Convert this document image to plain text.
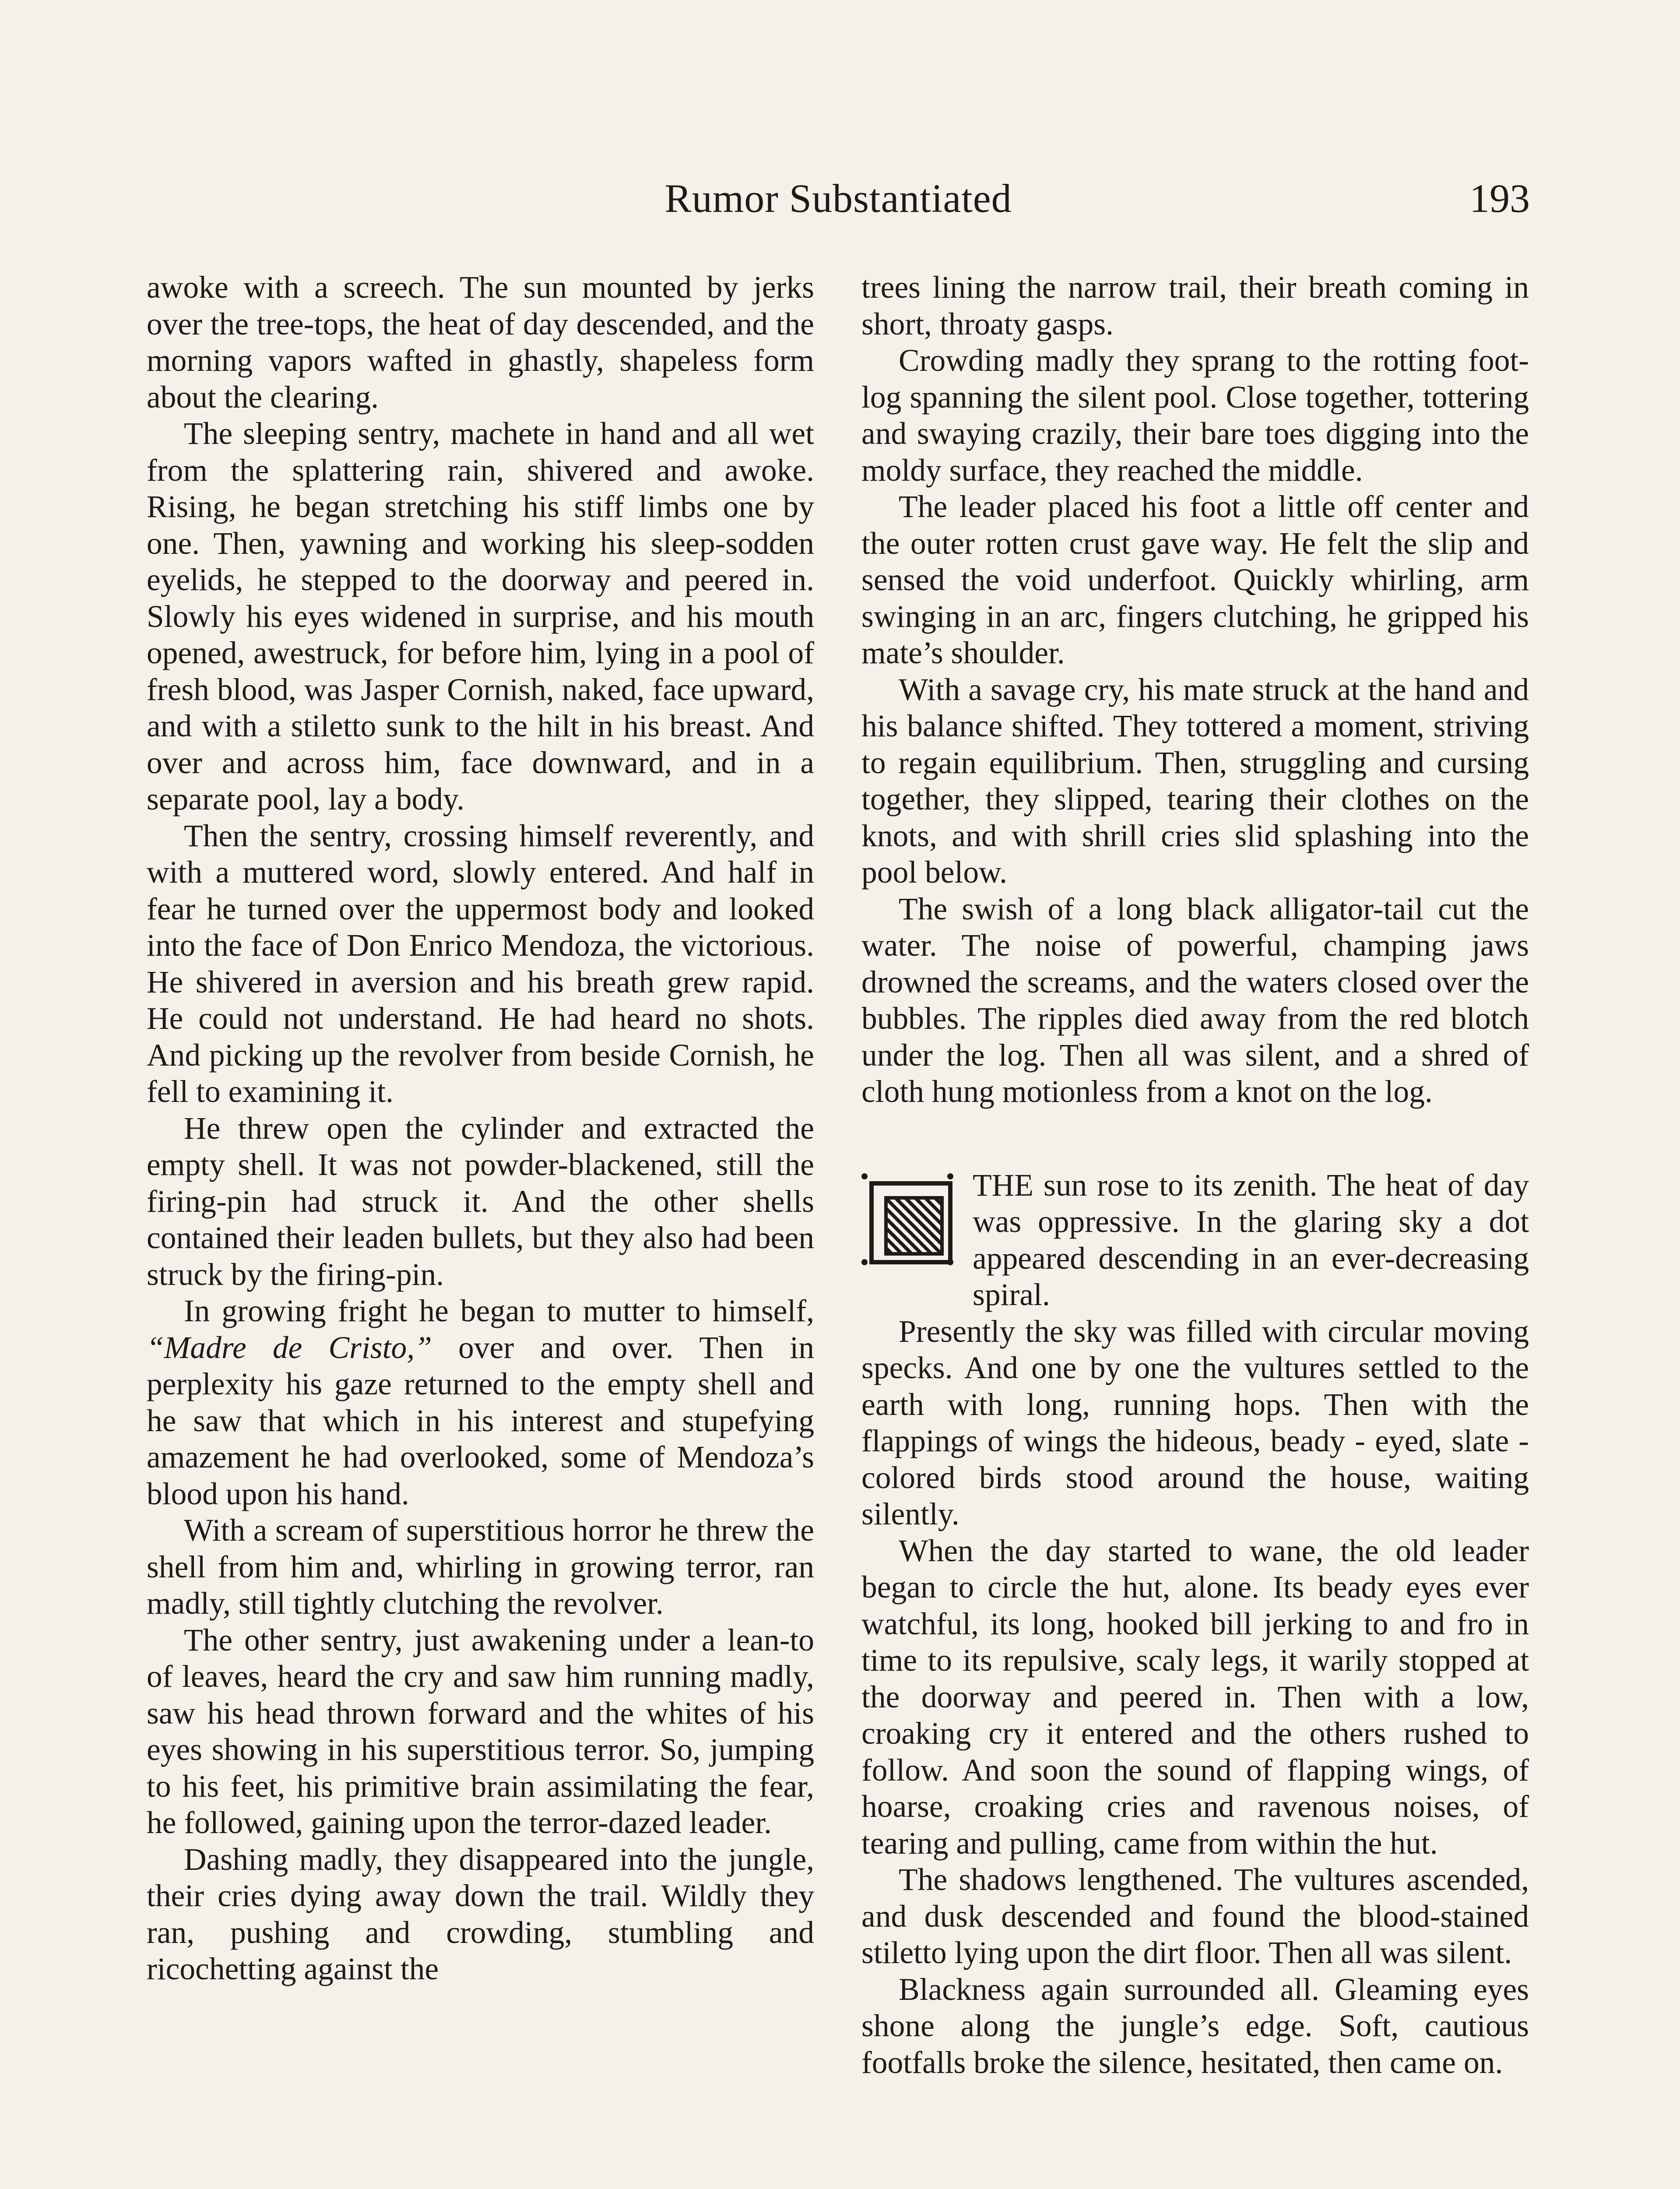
Rumor Substantiated	193

awoke with a screech. The sun mounted by jerks over the tree-tops, the heat of day descended, and the morning vapors wafted in ghastly, shapeless form about the clearing.

The sleeping sentry, machete in hand and all wet from the splattering rain, shivered and awoke. Rising, he began stretching his stiff limbs one by one. Then, yawning and working his sleep-sodden eyelids, he stepped to the doorway and peered in. Slowly his eyes widened in surprise, and his mouth opened, awestruck, for before him, lying in a pool of fresh blood, was Jasper Cornish, naked, face upward, and with a stiletto sunk to the hilt in his breast. And over and across him, face downward, and in a separate pool, lay a body.

Then the sentry, crossing himself reverently, and with a muttered word, slowly entered. And half in fear he turned over the uppermost body and looked into the face of Don Enrico Mendoza, the victorious. He shivered in aversion and his breath grew rapid. He could not understand. He had heard no shots. And picking up the revolver from beside Cornish, he fell to examining it.

He threw open the cylinder and extracted the empty shell. It was not powder-blackened, still the firing-pin had struck it. And the other shells contained their leaden bullets, but they also had been struck by the firing-pin.

In growing fright he began to mutter to himself, “Madre de Cristo,” over and over. Then in perplexity his gaze returned to the empty shell and he saw that which in his interest and stupefying amazement he had overlooked, some of Mendoza’s blood upon his hand.

With a scream of superstitious horror he threw the shell from him and, whirling in growing terror, ran madly, still tightly clutching the revolver.

The other sentry, just awakening under a lean-to of leaves, heard the cry and saw him running madly, saw his head thrown forward and the whites of his eyes showing in his superstitious terror. So, jumping to his feet, his primitive brain assimilating the fear, he followed, gaining upon the terror-dazed leader.

Dashing madly, they disappeared into the jungle, their cries dying away down the trail. Wildly they ran, pushing and crowding, stumbling and ricochetting against the

trees lining the narrow trail, their breath coming in short, throaty gasps.

Crowding madly they sprang to the rotting foot-log spanning the silent pool. Close together, tottering and swaying crazily, their bare toes digging into the moldy surface, they reached the middle.

The leader placed his foot a little off center and the outer rotten crust gave way. He felt the slip and sensed the void underfoot. Quickly whirling, arm swinging in an arc, fingers clutching, he gripped his mate’s shoulder.

With a savage cry, his mate struck at the hand and his balance shifted. They tottered a moment, striving to regain equilibrium. Then, struggling and cursing together, they slipped, tearing their clothes on the knots, and with shrill cries slid splashing into the pool below.

The swish of a long black alligator-tail cut the water. The noise of powerful, champing jaws drowned the screams, and the waters closed over the bubbles. The ripples died away from the red blotch under the log. Then all was silent, and a shred of cloth hung motionless from a knot on the log.

THE sun rose to its zenith. The heat of day was oppressive. In the glaring sky a dot appeared descending in an ever-decreasing spiral.

Presently the sky was filled with circular moving specks. And one by one the vultures settled to the earth with long, running hops. Then with the flappings of wings the hideous, beady - eyed, slate - colored birds stood around the house, waiting silently.

When the day started to wane, the old leader began to circle the hut, alone. Its beady eyes ever watchful, its long, hooked bill jerking to and fro in time to its repulsive, scaly legs, it warily stopped at the doorway and peered in. Then with a low, croaking cry it entered and the others rushed to follow. And soon the sound of flapping wings, of hoarse, croaking cries and ravenous noises, of tearing and pulling, came from within the hut.

The shadows lengthened. The vultures ascended, and dusk descended and found the blood-stained stiletto lying upon the dirt floor. Then all was silent.

Blackness again surrounded all. Gleaming eyes shone along the jungle’s edge. Soft, cautious footfalls broke the silence, hesitated, then came on.
